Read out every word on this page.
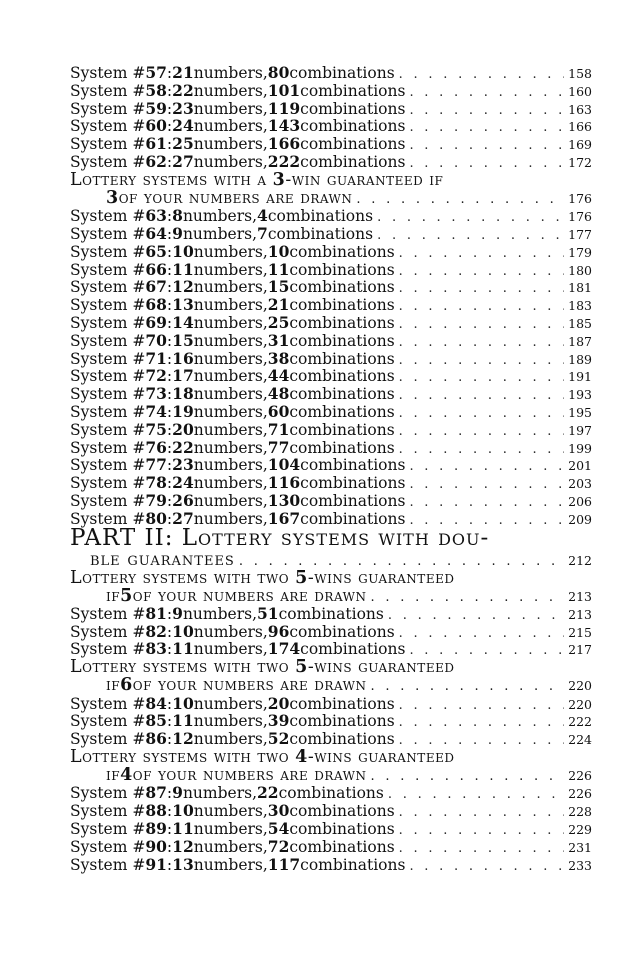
System # 57 : 21 numbers, 80 combinations . . .	158
System # 58 : 22 numbers, 101 combinations . . .	160
System # 59 : 23 numbers, 119 combinations . . .	163
System # 60 : 24 numbers, 143 combinations . . .	166
System # 61 : 25 numbers, 166 combinations . . .	169
System # 62 : 27 numbers, 222 combinations . . .	172
Lottery systems with a 3-win guaranteed if
3 of your numbers are drawn . . .	176
System # 63 : 8 numbers, 4 combinations . . .	176
System # 64 : 9 numbers, 7 combinations . . .	177
System # 65 : 10 numbers, 10 combinations . . .	179
System # 66 : 11 numbers, 11 combinations . . .	180
System # 67 : 12 numbers, 15 combinations . . .	181
System # 68 : 13 numbers, 21 combinations . . .	183
System # 69 : 14 numbers, 25 combinations . . .	185
System # 70 : 15 numbers, 31 combinations . . .	187
System # 71 : 16 numbers, 38 combinations . . .	189
System # 72 : 17 numbers, 44 combinations . . .	191
System # 73 : 18 numbers, 48 combinations . . .	193
System # 74 : 19 numbers, 60 combinations . . .	195
System # 75 : 20 numbers, 71 combinations . . .	197
System # 76 : 22 numbers, 77 combinations . . .	199
System # 77 : 23 numbers, 104 combinations . . .	201
System # 78 : 24 numbers, 116 combinations . . .	203
System # 79 : 26 numbers, 130 combinations . . .	206
System # 80 : 27 numbers, 167 combinations . . .	209
PART II: Lottery systems with dou-
ble guarantees . . .	212
Lottery systems with two 5-wins guaranteed
if 5 of your numbers are drawn . . .	213
System # 81 : 9 numbers, 51 combinations . . .	213
System # 82 : 10 numbers, 96 combinations . . .	215
System # 83 : 11 numbers, 174 combinations . . .	217
Lottery systems with two 5-wins guaranteed
if 6 of your numbers are drawn . . .	220
System # 84 : 10 numbers, 20 combinations . . .	220
System # 85 : 11 numbers, 39 combinations . . .	222
System # 86 : 12 numbers, 52 combinations . . .	224
Lottery systems with two 4-wins guaranteed
if 4 of your numbers are drawn . . .	226
System # 87 : 9 numbers, 22 combinations . . .	226
System # 88 : 10 numbers, 30 combinations . . .	228
System # 89 : 11 numbers, 54 combinations . . .	229
System # 90 : 12 numbers, 72 combinations . . .	231
System # 91 : 13 numbers, 117 combinations . . .	233
